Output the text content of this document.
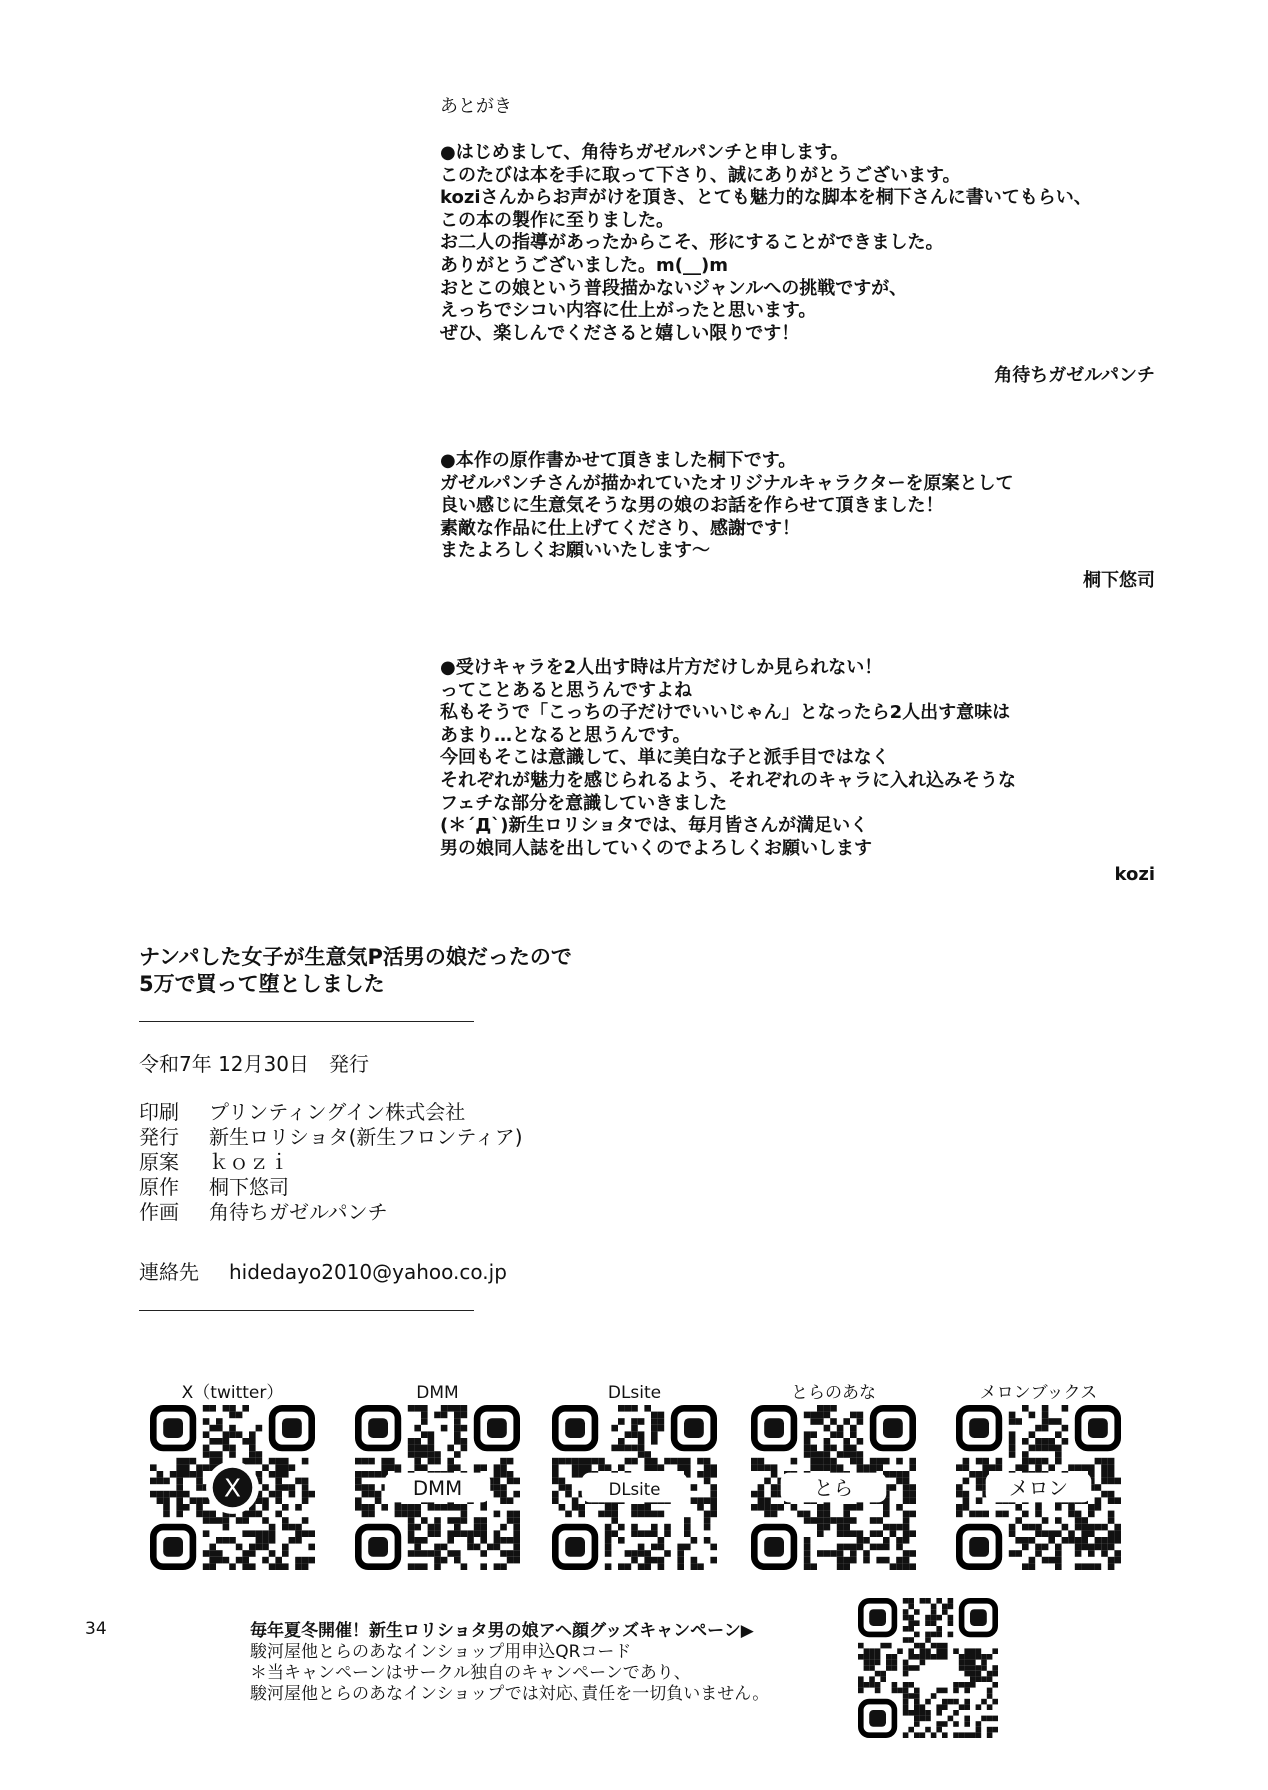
あとがき
●はじめまして、角待ちガゼルパンチと申します。
このたびは本を手に取って下さり、誠にありがとうございます。
koziさんからお声がけを頂き、とても魅力的な脚本を桐下さんに書いてもらい、
この本の製作に至りました。
お二人の指導があったからこそ、形にすることができました。
ありがとうございました。m(__)m
おとこの娘という普段描かないジャンルへの挑戦ですが、
えっちでシコい内容に仕上がったと思います。
ぜひ、楽しんでくださると嬉しい限りです！
角待ちガゼルパンチ
●本作の原作書かせて頂きました桐下です。
ガゼルパンチさんが描かれていたオリジナルキャラクターを原案として
良い感じに生意気そうな男の娘のお話を作らせて頂きました！
素敵な作品に仕上げてくださり、感謝です！
またよろしくお願いいたします〜
桐下悠司
●受けキャラを2人出す時は片方だけしか見られない！
ってことあると思うんですよね
私もそうで「こっちの子だけでいいじゃん」となったら2人出す意味は
あまり…となると思うんです。
今回もそこは意識して、単に美白な子と派手目ではなく
それぞれが魅力を感じられるよう、それぞれのキャラに入れ込みそうな
フェチな部分を意識していきました
(＊´Д`)新生ロリショタでは、毎月皆さんが満足いく
男の娘同人誌を出していくのでよろしくお願いします
kozi
ナンパした女子が生意気P活男の娘だったので
5万で買って堕としました
令和7年 12月30日　発行
印刷 プリンティングイン株式会社
発行 新生ロリショタ(新生フロンティア)
原案 ｋｏｚｉ
原作 桐下悠司
作画 角待ちガゼルパンチ
連絡先 hidedayo2010@yahoo.co.jp
X（twitter）
X
DMM
DMM
DLsite
DLsite
とらのあな
とら
メロンブックス
メロン
34	毎年夏冬開催！新生ロリショタ男の娘アヘ顔グッズキャンペーン▶
駿河屋他とらのあなインショップ用申込QRコード
＊当キャンペーンはサークル独自のキャンペーンであり、
駿河屋他とらのあなインショップでは対応､責任を一切負いません。
